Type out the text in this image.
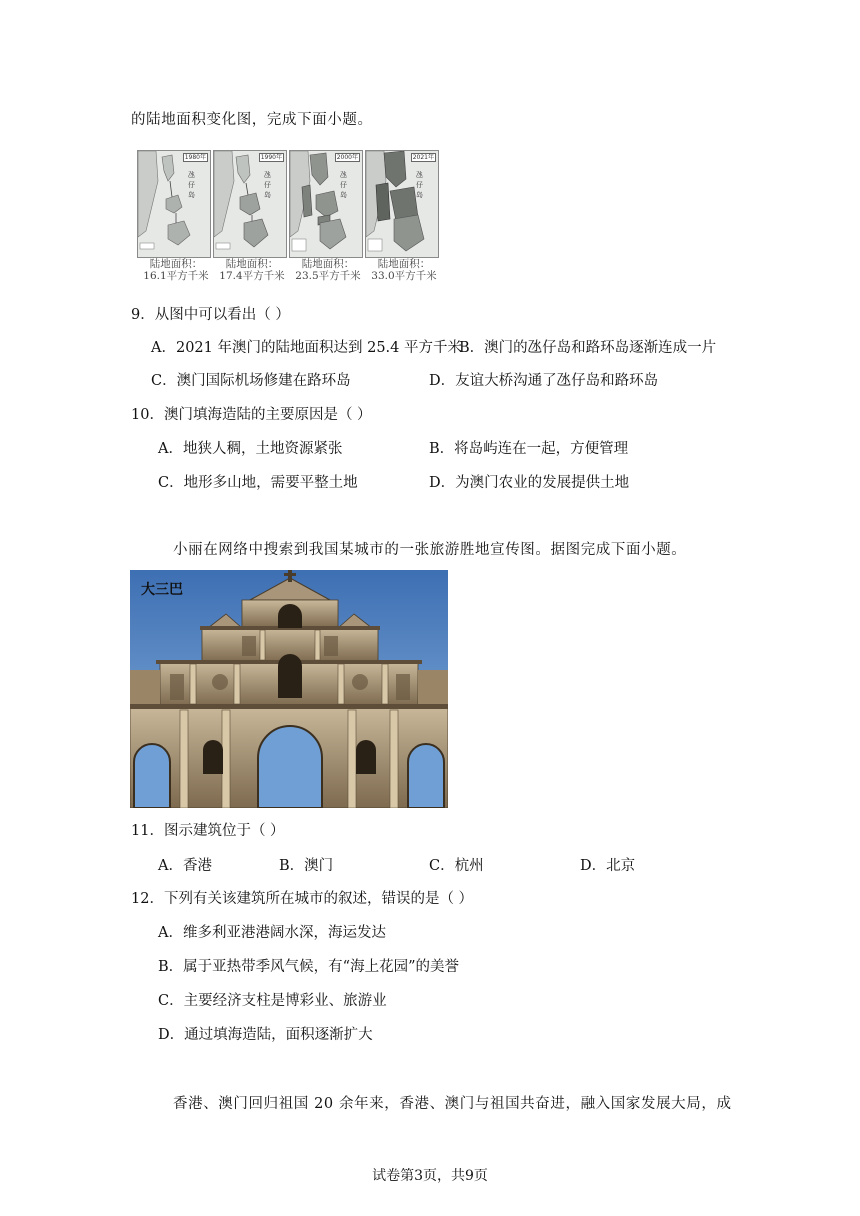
的陆地面积变化图，完成下面小题。
1980年
氹
仔
岛
1990年
氹
仔
岛
2000年
氹
仔
岛
2021年
氹
仔
岛
陆地面积：
16.1平方千米
陆地面积：
17.4平方千米
陆地面积：
23.5平方千米
陆地面积：
33.0平方千米
9．从图中可以看出（ ）
A．2021 年澳门的陆地面积达到 25.4 平方千米
B．澳门的氹仔岛和路环岛逐渐连成一片
C．澳门国际机场修建在路环岛	D．友谊大桥沟通了氹仔岛和路环岛
10．澳门填海造陆的主要原因是（ ）
A．地狭人稠，土地资源紧张	B．将岛屿连在一起，方便管理
C．地形多山地，需要平整土地	D．为澳门农业的发展提供土地
小丽在网络中搜索到我国某城市的一张旅游胜地宣传图。据图完成下面小题。
大三巴
11．图示建筑位于（ ）
A．香港	B．澳门	C．杭州	D．北京
12．下列有关该建筑所在城市的叙述，错误的是（ ）
A．维多利亚港港阔水深，海运发达
B．属于亚热带季风气候，有“海上花园”的美誉
C．主要经济支柱是博彩业、旅游业
D．通过填海造陆，面积逐渐扩大
香港、澳门回归祖国 20 余年来，香港、澳门与祖国共奋进，融入国家发展大局，成
试卷第3页，共9页
